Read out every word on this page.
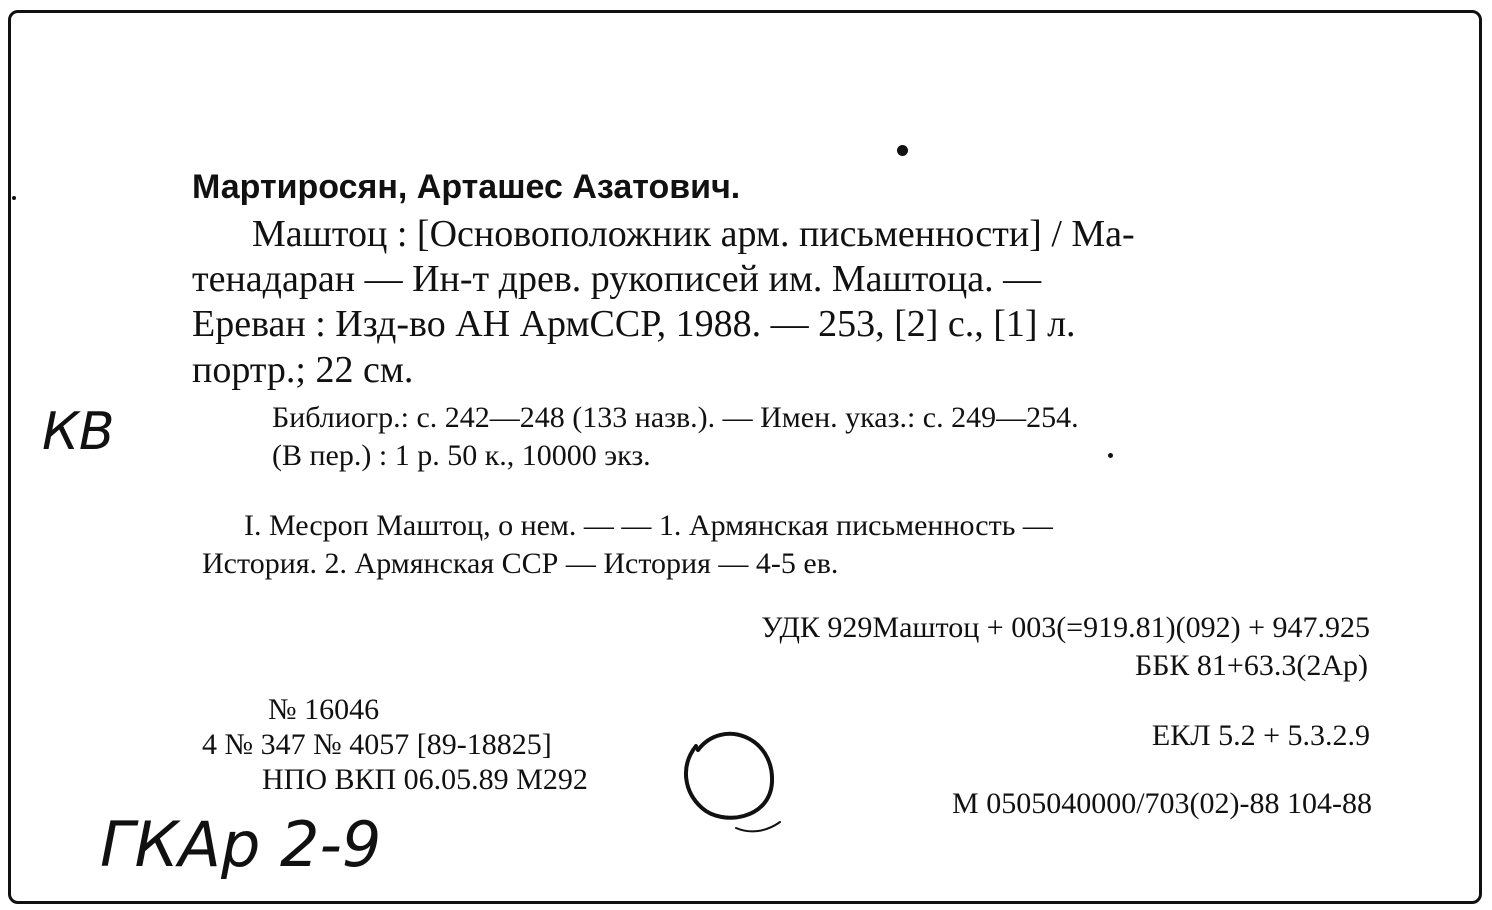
Мартиросян, Арташес Азатович.

Маштоц : [Основоположник арм. письменности] / Ма-

тенадаран — Ин-т древ. рукописей им. Маштоца. —

Ереван : Изд-во АН АрмССР, 1988. — 253, [2] с., [1] л.

портр.; 22 см.

Библиогр.: с. 242—248 (133 назв.). — Имен. указ.: с. 249—254.

(В пер.) : 1 р. 50 к., 10000 экз.

I. Месроп Маштоц, о нем. — — 1. Армянская письменность —

История. 2. Армянская ССР — История — 4-5 ев.

УДК 929Маштоц + 003(=919.81)(092) + 947.925

ББК 81+63.3(2Ар)

№ 16046

4 № 347 № 4057 [89-18825]

НПО ВКП 06.05.89 М292

ЕКЛ 5.2 + 5.3.2.9

М 0505040000/703(02)-88 104-88

КВ

ГКАр 2-9
